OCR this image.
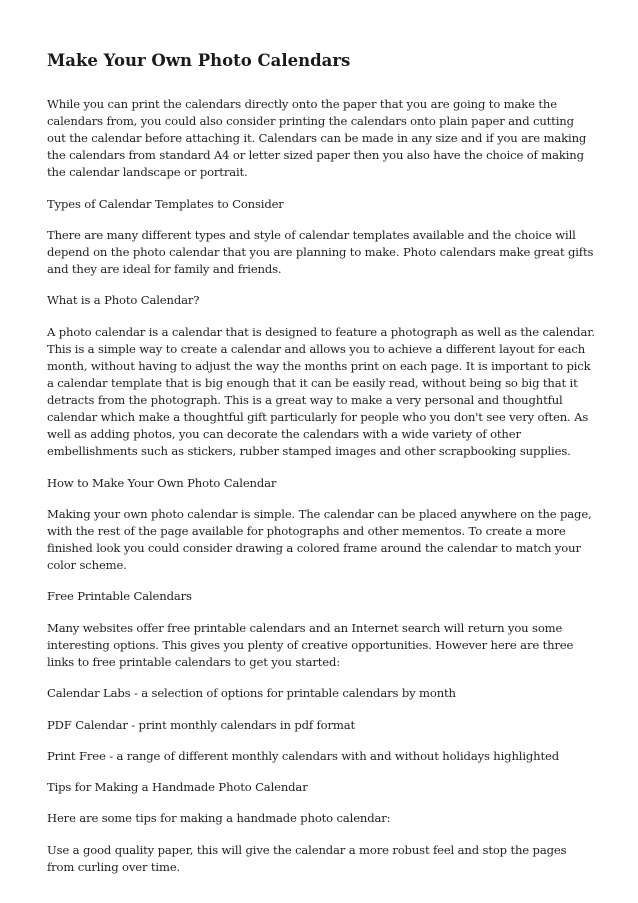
Make Your Own Photo Calendars

While you can print the calendars directly onto the paper that you are going to make the calendars from, you could also consider printing the calendars onto plain paper and cutting out the calendar before attaching it. Calendars can be made in any size and if you are making the calendars from standard A4 or letter sized paper then you also have the choice of making the calendar landscape or portrait.

Types of Calendar Templates to Consider

There are many different types and style of calendar templates available and the choice will depend on the photo calendar that you are planning to make. Photo calendars make great gifts and they are ideal for family and friends.

What is a Photo Calendar?

A photo calendar is a calendar that is designed to feature a photograph as well as the calendar. This is a simple way to create a calendar and allows you to achieve a different layout for each month, without having to adjust the way the months print on each page. It is important to pick a calendar template that is big enough that it can be easily read, without being so big that it detracts from the photograph. This is a great way to make a very personal and thoughtful calendar which make a thoughtful gift particularly for people who you don't see very often. As well as adding photos, you can decorate the calendars with a wide variety of other embellishments such as stickers, rubber stamped images and other scrapbooking supplies.

How to Make Your Own Photo Calendar

Making your own photo calendar is simple. The calendar can be placed anywhere on the page, with the rest of the page available for photographs and other mementos. To create a more finished look you could consider drawing a colored frame around the calendar to match your color scheme.

Free Printable Calendars

Many websites offer free printable calendars and an Internet search will return you some interesting options. This gives you plenty of creative opportunities. However here are three links to free printable calendars to get you started:

Calendar Labs - a selection of options for printable calendars by month

PDF Calendar - print monthly calendars in pdf format

Print Free - a range of different monthly calendars with and without holidays highlighted

Tips for Making a Handmade Photo Calendar

Here are some tips for making a handmade photo calendar:

Use a good quality paper, this will give the calendar a more robust feel and stop the pages from curling over time.
